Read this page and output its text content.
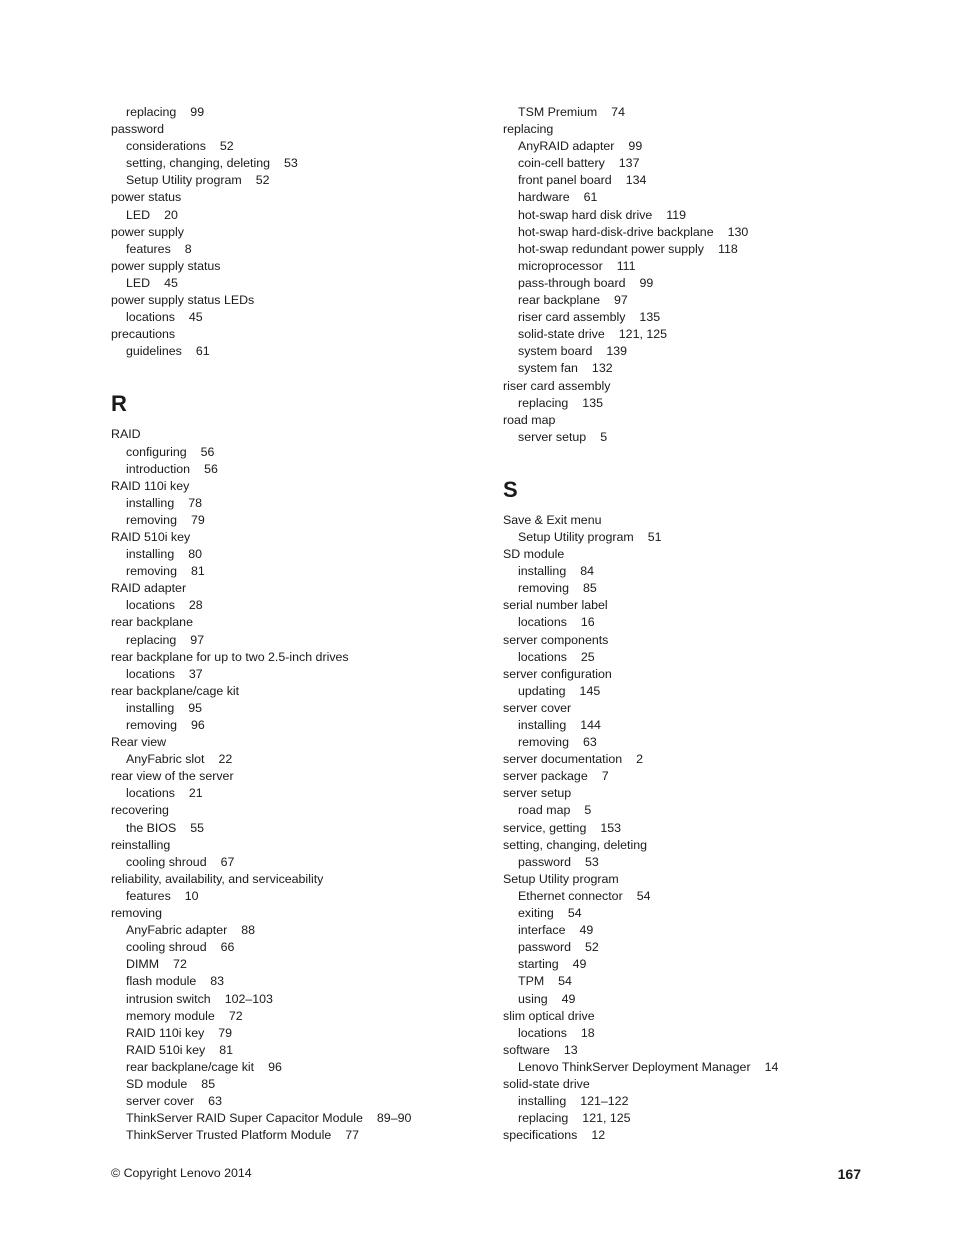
replacing 99
password
considerations 52
setting, changing, deleting 53
Setup Utility program 52
power status
LED 20
power supply
features 8
power supply status
LED 45
power supply status LEDs
locations 45
precautions
guidelines 61
R
RAID
configuring 56
introduction 56
RAID 110i key
installing 78
removing 79
RAID 510i key
installing 80
removing 81
RAID adapter
locations 28
rear backplane
replacing 97
rear backplane for up to two 2.5-inch drives
locations 37
rear backplane/cage kit
installing 95
removing 96
Rear view
AnyFabric slot 22
rear view of the server
locations 21
recovering
the BIOS 55
reinstalling
cooling shroud 67
reliability, availability, and serviceability
features 10
removing
AnyFabric adapter 88
cooling shroud 66
DIMM 72
flash module 83
intrusion switch 102–103
memory module 72
RAID 110i key 79
RAID 510i key 81
rear backplane/cage kit 96
SD module 85
server cover 63
ThinkServer RAID Super Capacitor Module 89–90
ThinkServer Trusted Platform Module 77
TSM Premium 74
replacing
AnyRAID adapter 99
coin-cell battery 137
front panel board 134
hardware 61
hot-swap hard disk drive 119
hot-swap hard-disk-drive backplane 130
hot-swap redundant power supply 118
microprocessor 111
pass-through board 99
rear backplane 97
riser card assembly 135
solid-state drive 121, 125
system board 139
system fan 132
riser card assembly
replacing 135
road map
server setup 5
S
Save & Exit menu
Setup Utility program 51
SD module
installing 84
removing 85
serial number label
locations 16
server components
locations 25
server configuration
updating 145
server cover
installing 144
removing 63
server documentation 2
server package 7
server setup
road map 5
service, getting 153
setting, changing, deleting
password 53
Setup Utility program
Ethernet connector 54
exiting 54
interface 49
password 52
starting 49
TPM 54
using 49
slim optical drive
locations 18
software 13
Lenovo ThinkServer Deployment Manager 14
solid-state drive
installing 121–122
replacing 121, 125
specifications 12
© Copyright Lenovo 2014	167
